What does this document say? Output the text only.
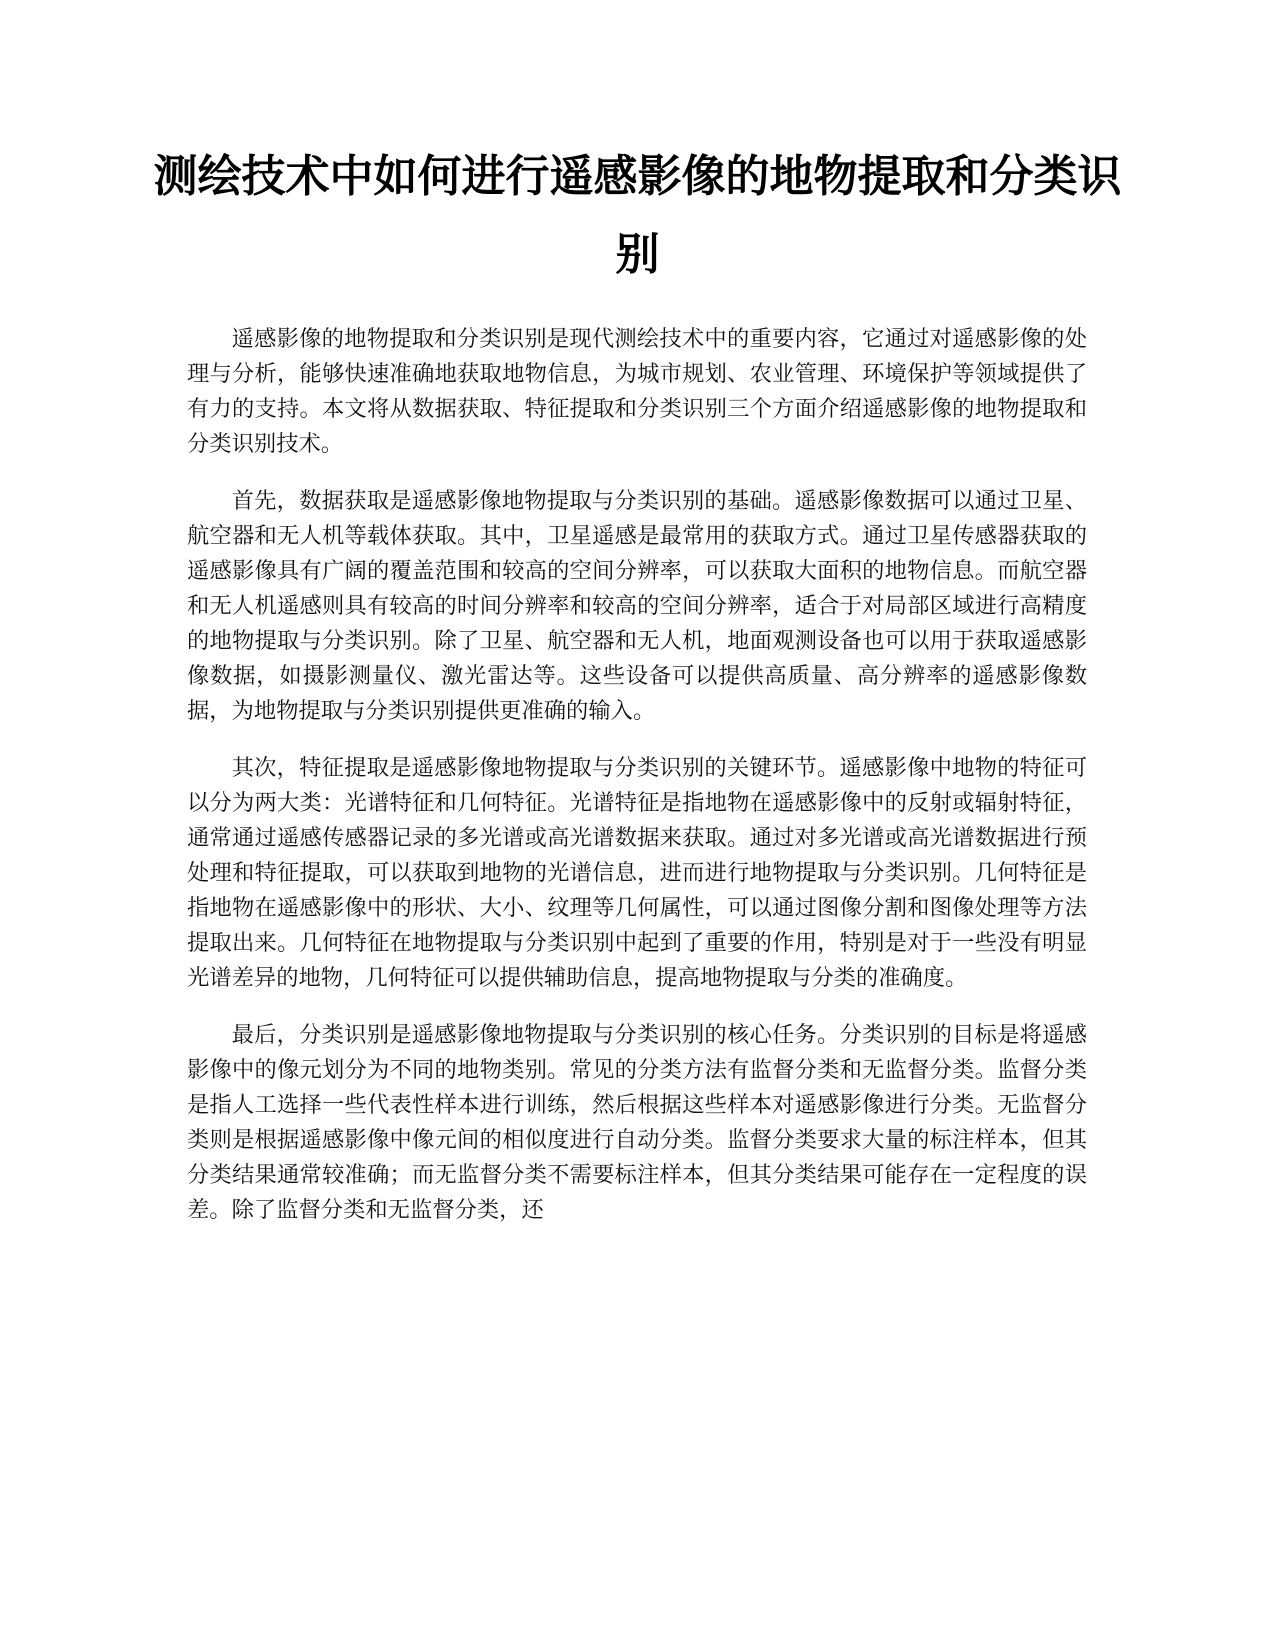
测绘技术中如何进行遥感影像的地物提取和分类识别

遥感影像的地物提取和分类识别是现代测绘技术中的重要内容，它通过对遥感影像的处理与分析，能够快速准确地获取地物信息，为城市规划、农业管理、环境保护等领域提供了有力的支持。本文将从数据获取、特征提取和分类识别三个方面介绍遥感影像的地物提取和分类识别技术。

首先，数据获取是遥感影像地物提取与分类识别的基础。遥感影像数据可以通过卫星、航空器和无人机等载体获取。其中，卫星遥感是最常用的获取方式。通过卫星传感器获取的遥感影像具有广阔的覆盖范围和较高的空间分辨率，可以获取大面积的地物信息。而航空器和无人机遥感则具有较高的时间分辨率和较高的空间分辨率，适合于对局部区域进行高精度的地物提取与分类识别。除了卫星、航空器和无人机，地面观测设备也可以用于获取遥感影像数据，如摄影测量仪、激光雷达等。这些设备可以提供高质量、高分辨率的遥感影像数据，为地物提取与分类识别提供更准确的输入。

其次，特征提取是遥感影像地物提取与分类识别的关键环节。遥感影像中地物的特征可以分为两大类：光谱特征和几何特征。光谱特征是指地物在遥感影像中的反射或辐射特征，通常通过遥感传感器记录的多光谱或高光谱数据来获取。通过对多光谱或高光谱数据进行预处理和特征提取，可以获取到地物的光谱信息，进而进行地物提取与分类识别。几何特征是指地物在遥感影像中的形状、大小、纹理等几何属性，可以通过图像分割和图像处理等方法提取出来。几何特征在地物提取与分类识别中起到了重要的作用，特别是对于一些没有明显光谱差异的地物，几何特征可以提供辅助信息，提高地物提取与分类的准确度。

最后，分类识别是遥感影像地物提取与分类识别的核心任务。分类识别的目标是将遥感影像中的像元划分为不同的地物类别。常见的分类方法有监督分类和无监督分类。监督分类是指人工选择一些代表性样本进行训练，然后根据这些样本对遥感影像进行分类。无监督分类则是根据遥感影像中像元间的相似度进行自动分类。监督分类要求大量的标注样本，但其分类结果通常较准确；而无监督分类不需要标注样本，但其分类结果可能存在一定程度的误差。除了监督分类和无监督分类，还
